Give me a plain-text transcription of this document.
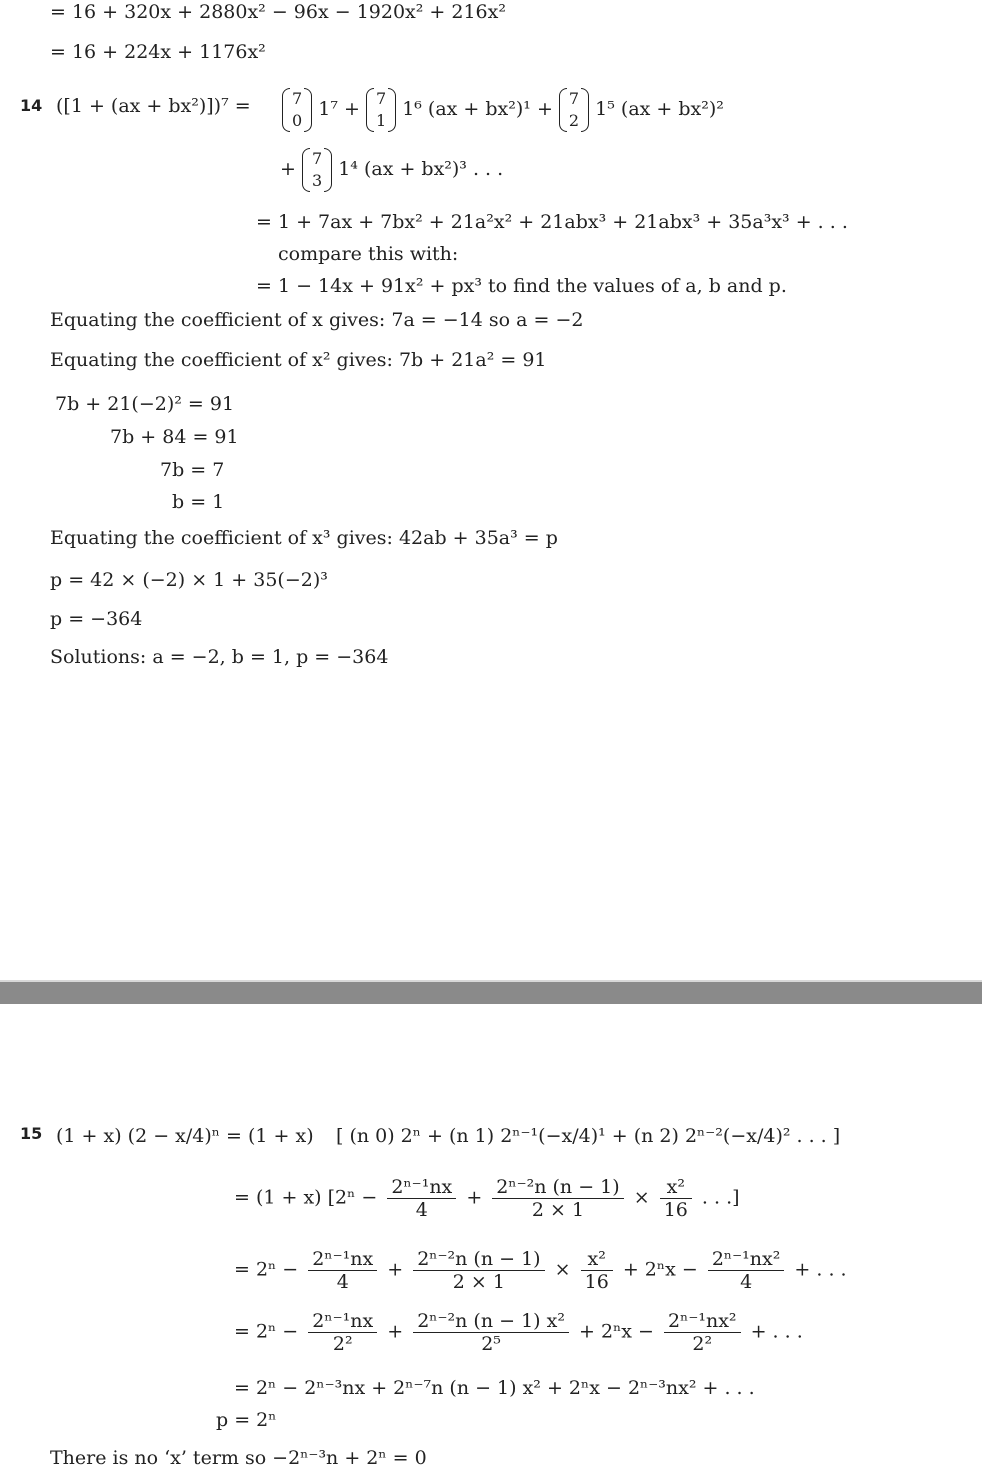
= 16 + 320x + 2880x² − 96x − 1920x² + 216x²
= 16 + 224x + 1176x²
14 ([1 + (ax + bx²)])⁷ =	7
0
1⁷ + 7
1
1⁶ (ax + bx²)¹ + 7
2
1⁵ (ax + bx²)²
+ 7
3
1⁴ (ax + bx²)³ . . .
= 1 + 7ax + 7bx² + 21a²x² + 21abx³ + 21abx³ + 35a³x³ + . . .
compare this with:
= 1 − 14x + 91x² + px³ to find the values of a, b and p.
Equating the coefficient of x gives: 7a = −14 so a = −2
Equating the coefficient of x² gives: 7b + 21a² = 91
7b + 21(−2)² = 91
7b + 84 = 91
7b = 7
b = 1
Equating the coefficient of x³ gives: 42ab + 35a³ = p
p = 42 × (−2) × 1 + 35(−2)³
p = −364
Solutions: a = −2, b = 1, p = −364
15 (1 + x) (2 − x/4)ⁿ = (1 + x) [ (n 0) 2ⁿ + (n 1) 2ⁿ⁻¹(−x/4)¹ + (n 2) 2ⁿ⁻²(−x/4)² . . . ]
= (1 + x) [$2^n - \frac{\text{2ⁿ⁻¹nx}}{4} + \frac{\text{2ⁿ⁻²n (n − 1)}}{2 \times 1} \times \frac{\text{x²}}{16}$ . . .]
= $2^n - \frac{\text{2ⁿ⁻¹nx}}{4} + \frac{\text{2ⁿ⁻²n (n − 1)}}{2 \times 1} \times \frac{\text{x²}}{16} + 2^nx - \frac{\text{2ⁿ⁻¹nx²}}{4}$ + . . .
= $2^n - \frac{\text{2ⁿ⁻¹nx}}{\text{2²}} + \frac{\text{2ⁿ⁻²n (n − 1) x²}}{\text{2⁵}} + 2^nx - \frac{\text{2ⁿ⁻¹nx²}}{\text{2²}}$ + . . .
= 2ⁿ − 2ⁿ⁻³nx + 2ⁿ⁻⁷n (n − 1) x² + 2ⁿx − 2ⁿ⁻³nx² + . . .
p = 2ⁿ
There is no ‘x’ term so −2ⁿ⁻³n + 2ⁿ = 0
